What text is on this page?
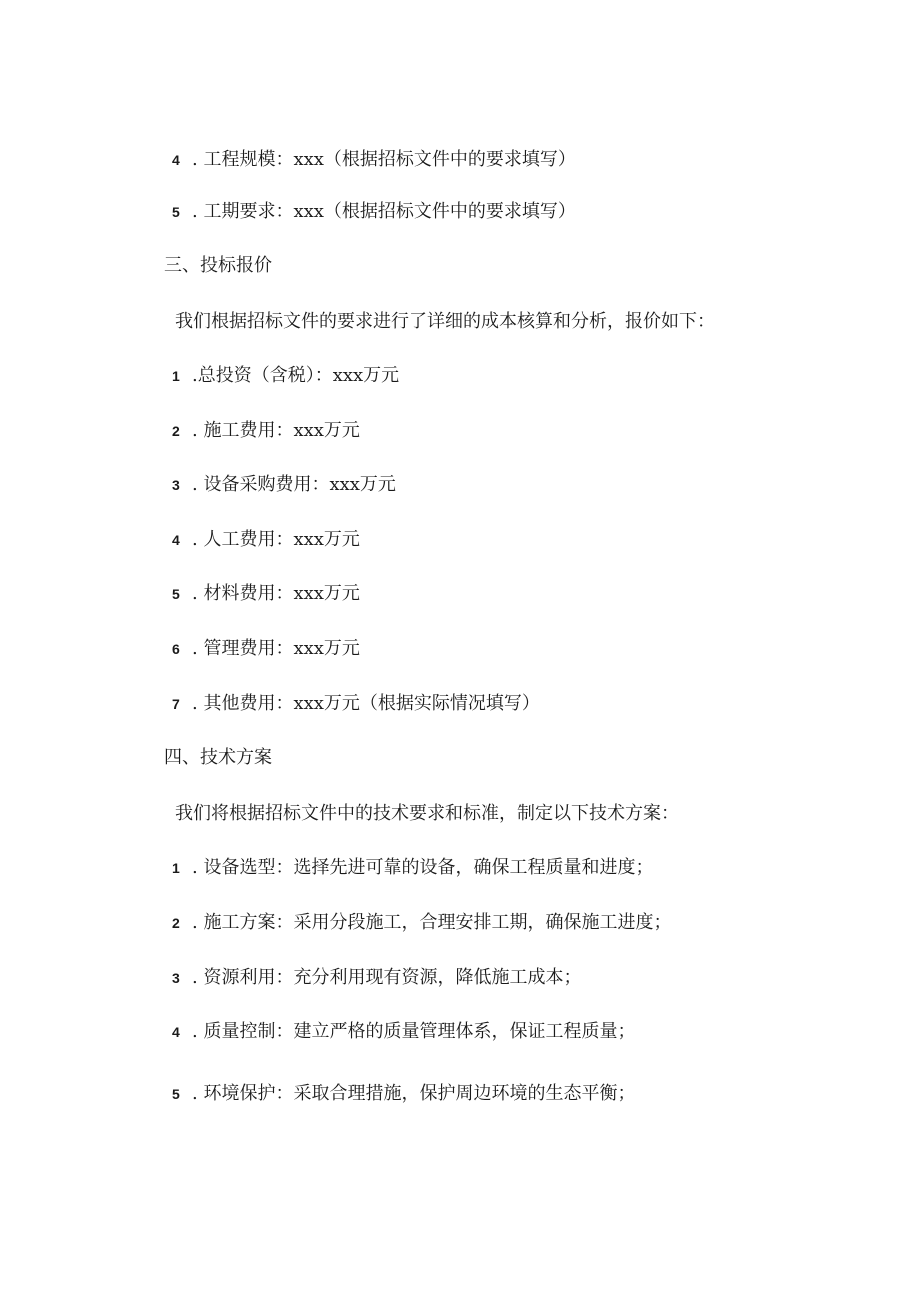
4 . 工程规模：xxx（根据招标文件中的要求填写）
5 . 工期要求：xxx（根据招标文件中的要求填写）
三、投标报价
我们根据招标文件的要求进行了详细的成本核算和分析，报价如下：
1 .总投资（含税）：xxx万元
2 . 施工费用：xxx万元
3 . 设备采购费用：xxx万元
4 . 人工费用：xxx万元
5 . 材料费用：xxx万元
6 . 管理费用：xxx万元
7 . 其他费用：xxx万元（根据实际情况填写）
四、技术方案
我们将根据招标文件中的技术要求和标准，制定以下技术方案：
1 . 设备选型：选择先进可靠的设备，确保工程质量和进度；
2 . 施工方案：采用分段施工，合理安排工期，确保施工进度；
3 . 资源利用：充分利用现有资源，降低施工成本；
4 . 质量控制：建立严格的质量管理体系，保证工程质量；
5 . 环境保护：采取合理措施，保护周边环境的生态平衡；
